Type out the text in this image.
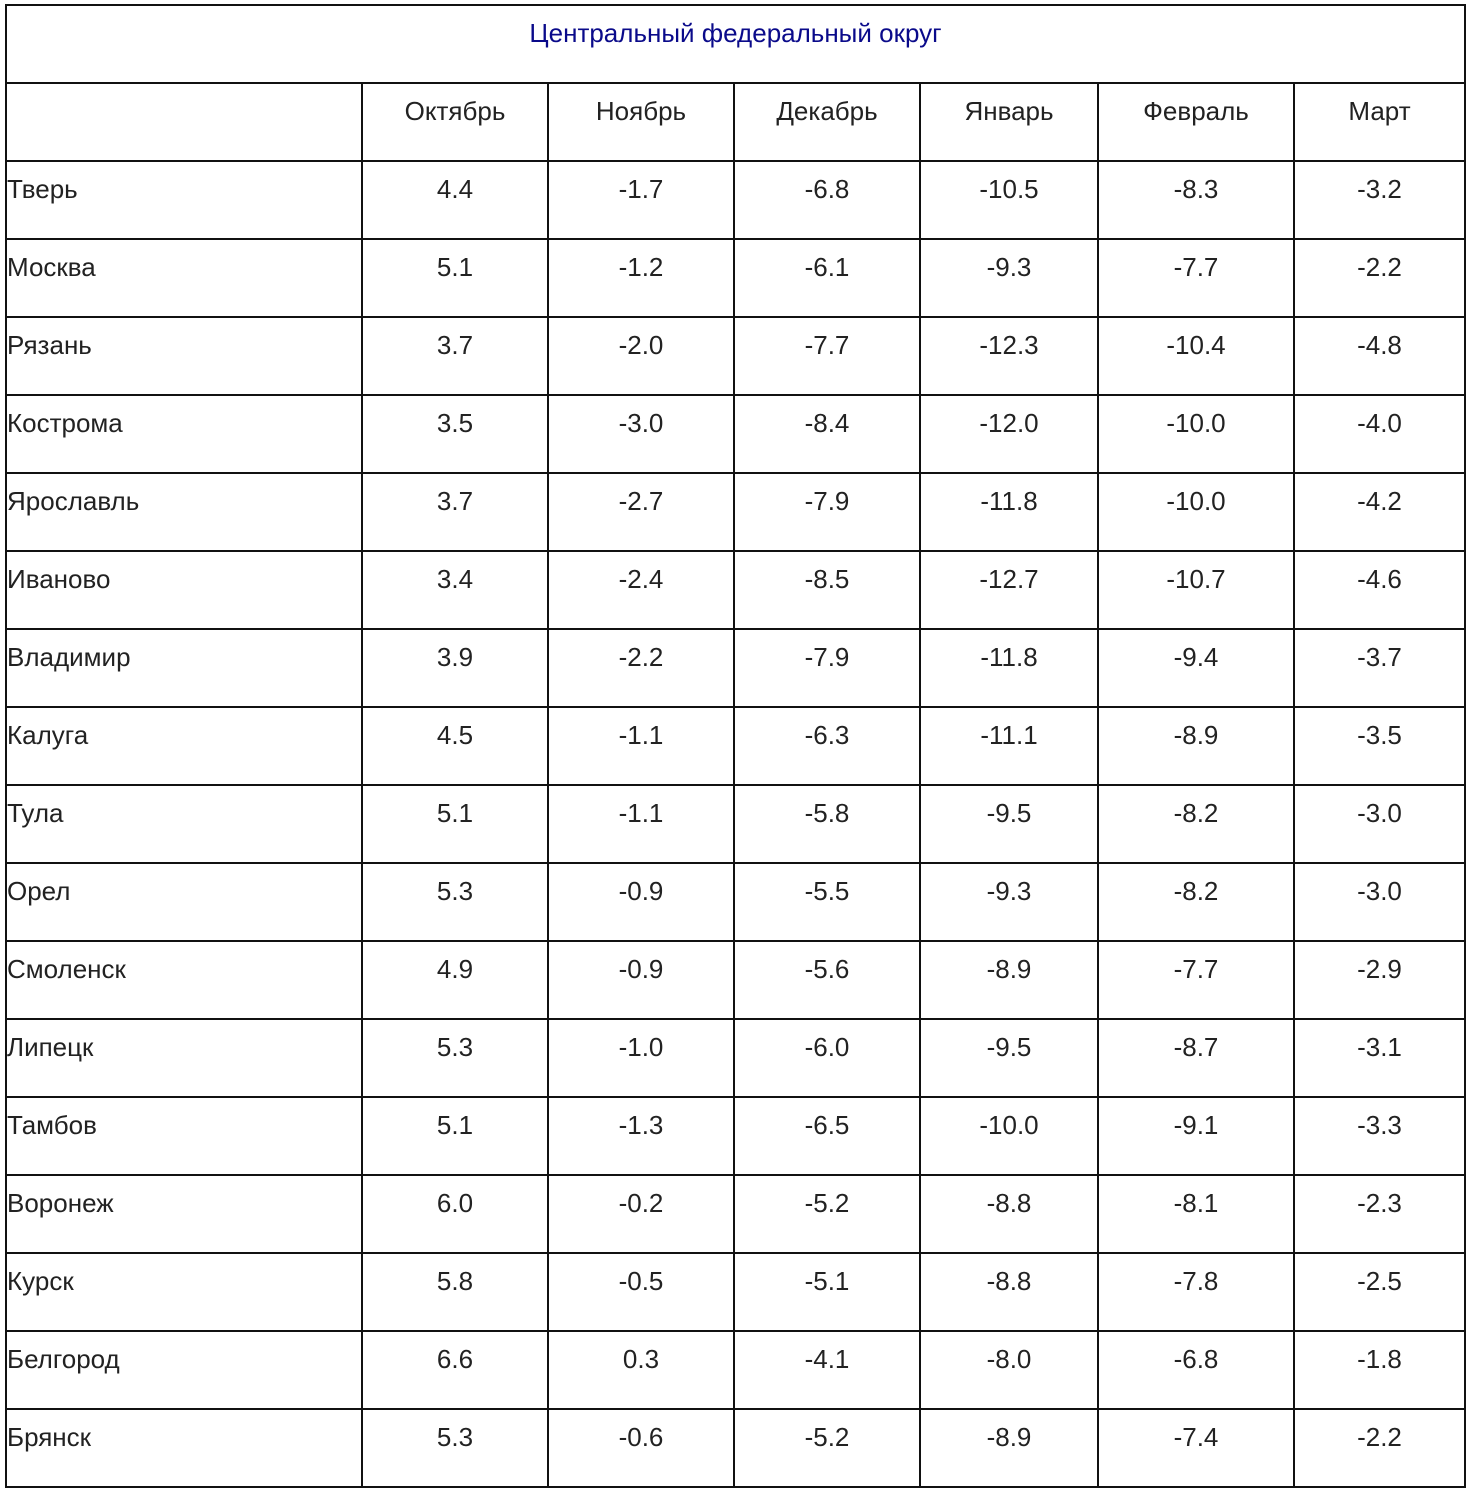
Центральный федеральный округ						
	Октябрь	Ноябрь	Декабрь	Январь	Февраль	Март
Тверь	4.4	-1.7	-6.8	-10.5	-8.3	-3.2
Москва	5.1	-1.2	-6.1	-9.3	-7.7	-2.2
Рязань	3.7	-2.0	-7.7	-12.3	-10.4	-4.8
Кострома	3.5	-3.0	-8.4	-12.0	-10.0	-4.0
Ярославль	3.7	-2.7	-7.9	-11.8	-10.0	-4.2
Иваново	3.4	-2.4	-8.5	-12.7	-10.7	-4.6
Владимир	3.9	-2.2	-7.9	-11.8	-9.4	-3.7
Калуга	4.5	-1.1	-6.3	-11.1	-8.9	-3.5
Тула	5.1	-1.1	-5.8	-9.5	-8.2	-3.0
Орел	5.3	-0.9	-5.5	-9.3	-8.2	-3.0
Смоленск	4.9	-0.9	-5.6	-8.9	-7.7	-2.9
Липецк	5.3	-1.0	-6.0	-9.5	-8.7	-3.1
Тамбов	5.1	-1.3	-6.5	-10.0	-9.1	-3.3
Воронеж	6.0	-0.2	-5.2	-8.8	-8.1	-2.3
Курск	5.8	-0.5	-5.1	-8.8	-7.8	-2.5
Белгород	6.6	0.3	-4.1	-8.0	-6.8	-1.8
Брянск	5.3	-0.6	-5.2	-8.9	-7.4	-2.2
